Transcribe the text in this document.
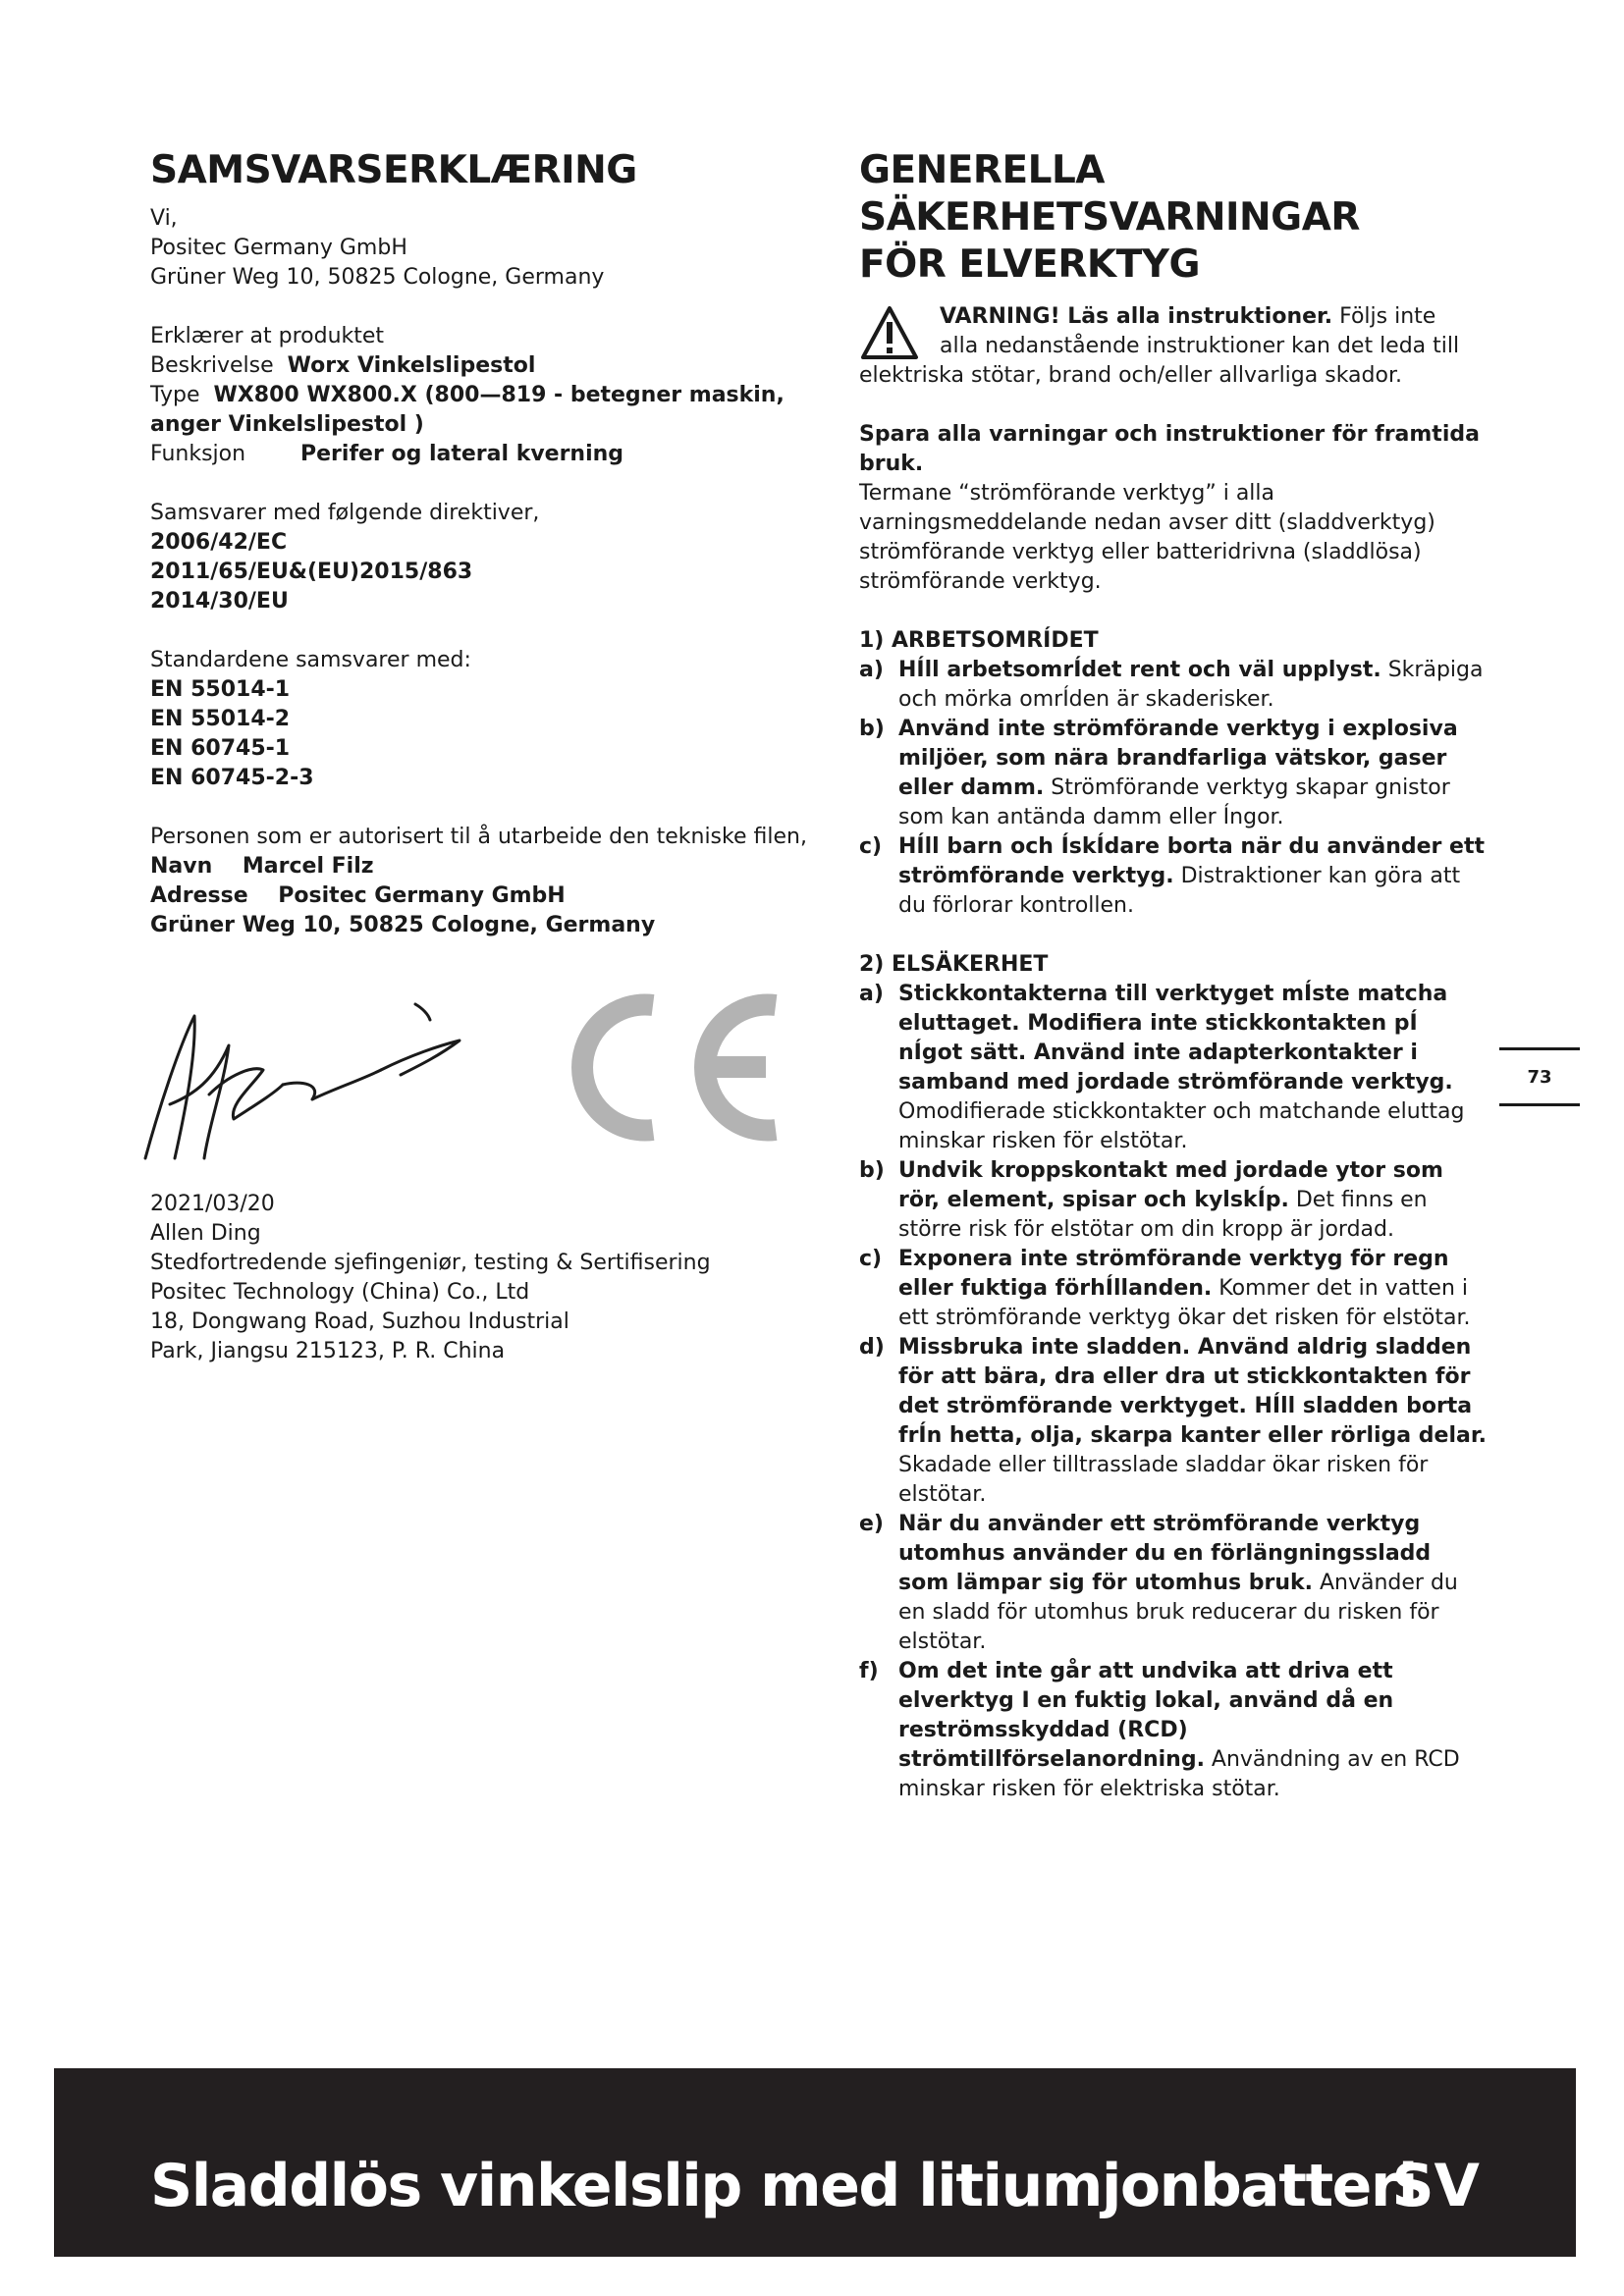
SAMSVARSERKLÆRING

Vi,

Positec Germany GmbH

Grüner Weg 10, 50825 Cologne, Germany

Erklærer at produktet

Beskrivelse Worx Vinkelslipestol

Type WX800 WX800.X (800—819 - betegner maskin,

anger Vinkelslipestol )

Funksjon	Perifer og lateral kverning

Samsvarer med følgende direktiver,

2006/42/EC

2011/65/EU&(EU)2015/863

2014/30/EU

Standardene samsvarer med:

EN 55014-1

EN 55014-2

EN 60745-1

EN 60745-2-3

Personen som er autorisert til å utarbeide den tekniske filen,

Navn Marcel Filz

Adresse Positec Germany GmbH

Grüner Weg 10, 50825 Cologne, Germany

2021/03/20

Allen Ding

Stedfortredende sjefingeniør, testing & Sertifisering

Positec Technology (China) Co., Ltd

18, Dongwang Road, Suzhou Industrial

Park, Jiangsu 215123, P. R. China

GENERELLA
SÄKERHETSVARNINGAR
FÖR ELVERKTYG

VARNING! Läs alla instruktioner. Följs inte

alla nedanstående instruktioner kan det leda till

elektriska stötar, brand och/eller allvarliga skador.

Spara alla varningar och instruktioner för framtida bruk.

Termane “strömförande verktyg” i alla varningsmeddelande nedan avser ditt (sladdverktyg) strömförande verktyg eller batteridrivna (sladdlösa) strömförande verktyg.

1) ARBETSOMRÍDET

a) HÍll arbetsomrÍdet rent och väl upplyst. Skräpiga och mörka omrÍden är skaderisker.
b) Använd inte strömförande verktyg i explosiva miljöer, som nära brandfarliga vätskor, gaser eller damm. Strömförande verktyg skapar gnistor som kan antända damm eller Íngor.
c) HÍll barn och ÍskÍdare borta när du använder ett strömförande verktyg. Distraktioner kan göra att du förlorar kontrollen.

2) ELSÄKERHET

a) Stickkontakterna till verktyget mÍste matcha eluttaget. Modifiera inte stickkontakten pÍ nÍgot sätt. Använd inte adapterkontakter i samband med jordade strömförande verktyg. Omodifierade stickkontakter och matchande eluttag minskar risken för elstötar.
b) Undvik kroppskontakt med jordade ytor som rör, element, spisar och kylskÍp. Det finns en större risk för elstötar om din kropp är jordad.
c) Exponera inte strömförande verktyg för regn eller fuktiga förhÍllanden. Kommer det in vatten i ett strömförande verktyg ökar det risken för elstötar.
d) Missbruka inte sladden. Använd aldrig sladden för att bära, dra eller dra ut stickkontakten för det strömförande verktyget. HÍll sladden borta frÍn hetta, olja, skarpa kanter eller rörliga delar. Skadade eller tilltrasslade sladdar ökar risken för elstötar.
e) När du använder ett strömförande verktyg utomhus använder du en förlängningssladd som lämpar sig för utomhus bruk. Använder du en sladd för utomhus bruk reducerar du risken för elstötar.
f) Om det inte går att undvika att driva ett elverktyg I en fuktig lokal, använd då en reströmsskyddad (RCD) strömtillförselanordning. Användning av en RCD minskar risken för elektriska stötar.
73
Sladdlös vinkelslip med litiumjonbatteri
SV
